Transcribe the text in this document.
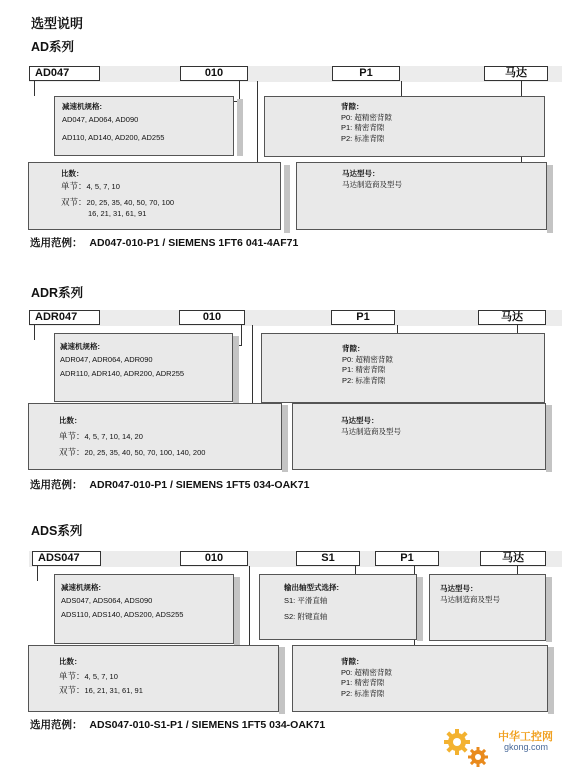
选型说明
AD系列
AD047	010	P1	马达
减速机规格:
AD047, AD064, AD090
AD110, AD140, AD200, AD255
背隙：
P0: 超精密背隙
P1: 精密背隙
P2: 标准背隙
比数：
单节：4, 5, 7, 10
双节：20, 25, 35, 40, 50, 70, 100
16, 21, 31, 61, 91
马达型号：
马达制造商及型号
选用范例： AD047-010-P1 / SIEMENS 1FT6 041-4AF71
ADR系列
ADR047	010	P1	马达
减速机规格:
ADR047, ADR064, ADR090
ADR110, ADR140, ADR200, ADR255
背隙：
P0: 超精密背隙
P1: 精密背隙
P2: 标准背隙
比数：
单节：4, 5, 7, 10, 14, 20
双节：20, 25, 35, 40, 50, 70, 100, 140, 200
马达型号：
马达制造商及型号
选用范例： ADR047-010-P1 / SIEMENS 1FT5 034-OAK71
ADS系列
ADS047	010	S1	P1	马达
减速机规格:
ADS047, ADS064, ADS090
ADS110, ADS140, ADS200, ADS255
输出轴型式选择:
S1: 平滑直轴
S2: 附键直轴
马达型号：
马达制造商及型号
比数：
单节：4, 5, 7, 10
双节：16, 21, 31, 61, 91
背隙：
P0: 超精密背隙
P1: 精密背隙
P2: 标准背隙
选用范例： ADS047-010-S1-P1 / SIEMENS 1FT5 034-OAK71
中华工控网
gkong.com
